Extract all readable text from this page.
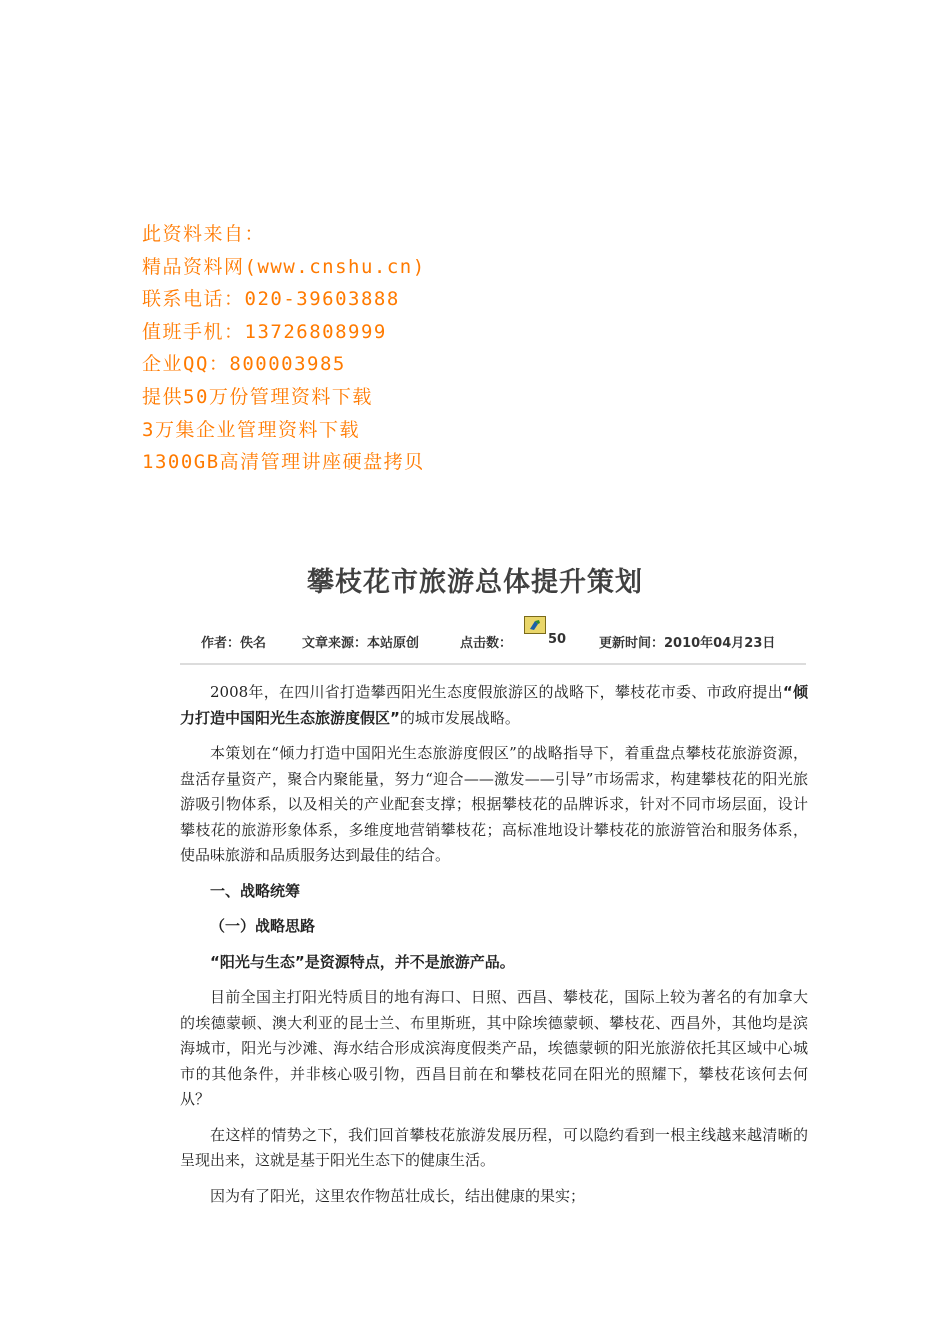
此资料来自：
精品资料网(www.cnshu.cn)
联系电话：020-39603888
值班手机：13726808999
企业QQ：800003985
提供50万份管理资料下载
3万集企业管理资料下载
1300GB高清管理讲座硬盘拷贝
攀枝花市旅游总体提升策划
作者：佚名	文章来源：本站原创	点击数：	50	更新时间：2010年04月23日

2008年，在四川省打造攀西阳光生态度假旅游区的战略下，攀枝花市委、市政府提出“倾力打造中国阳光生态旅游度假区”的城市发展战略。

本策划在“倾力打造中国阳光生态旅游度假区”的战略指导下，着重盘点攀枝花旅游资源，盘活存量资产，聚合内聚能量，努力“迎合——激发——引导”市场需求，构建攀枝花的阳光旅游吸引物体系，以及相关的产业配套支撑；根据攀枝花的品牌诉求，针对不同市场层面，设计攀枝花的旅游形象体系，多维度地营销攀枝花；高标准地设计攀枝花的旅游管治和服务体系，使品味旅游和品质服务达到最佳的结合。

一、战略统筹

（一）战略思路

“阳光与生态”是资源特点，并不是旅游产品。

目前全国主打阳光特质目的地有海口、日照、西昌、攀枝花，国际上较为著名的有加拿大的埃德蒙顿、澳大利亚的昆士兰、布里斯班，其中除埃德蒙顿、攀枝花、西昌外，其他均是滨海城市，阳光与沙滩、海水结合形成滨海度假类产品，埃德蒙顿的阳光旅游依托其区域中心城市的其他条件，并非核心吸引物，西昌目前在和攀枝花同在阳光的照耀下，攀枝花该何去何从？

在这样的情势之下，我们回首攀枝花旅游发展历程，可以隐约看到一根主线越来越清晰的呈现出来，这就是基于阳光生态下的健康生活。

因为有了阳光，这里农作物茁壮成长，结出健康的果实；
